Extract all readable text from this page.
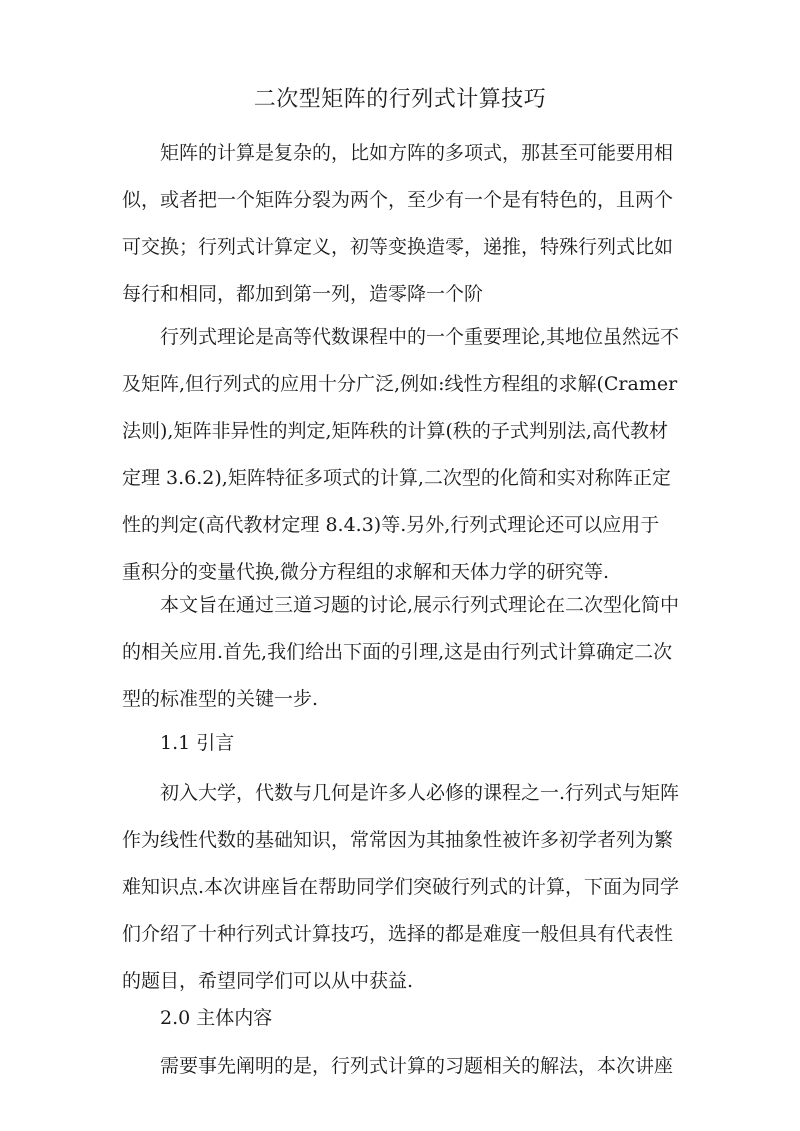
二次型矩阵的行列式计算技巧
矩阵的计算是复杂的，比如方阵的多项式，那甚至可能要用相
似，或者把一个矩阵分裂为两个，至少有一个是有特色的，且两个
可交换；行列式计算定义，初等变换造零，递推，特殊行列式比如
每行和相同，都加到第一列，造零降一个阶
行列式理论是高等代数课程中的一个重要理论,其地位虽然远不
及矩阵,但行列式的应用十分广泛,例如:线性方程组的求解(Cramer
法则),矩阵非异性的判定,矩阵秩的计算(秩的子式判别法,高代教材
定理 3.6.2),矩阵特征多项式的计算,二次型的化简和实对称阵正定
性的判定(高代教材定理 8.4.3)等.另外,行列式理论还可以应用于
重积分的变量代换,微分方程组的求解和天体力学的研究等.
本文旨在通过三道习题的讨论,展示行列式理论在二次型化简中
的相关应用.首先,我们给出下面的引理,这是由行列式计算确定二次
型的标准型的关键一步.
1.1 引言
初入大学，代数与几何是许多人必修的课程之一.行列式与矩阵
作为线性代数的基础知识，常常因为其抽象性被许多初学者列为繁
难知识点.本次讲座旨在帮助同学们突破行列式的计算，下面为同学
们介绍了十种行列式计算技巧，选择的都是难度一般但具有代表性
的题目，希望同学们可以从中获益.
2.0 主体内容
需要事先阐明的是，行列式计算的习题相关的解法，本次讲座
